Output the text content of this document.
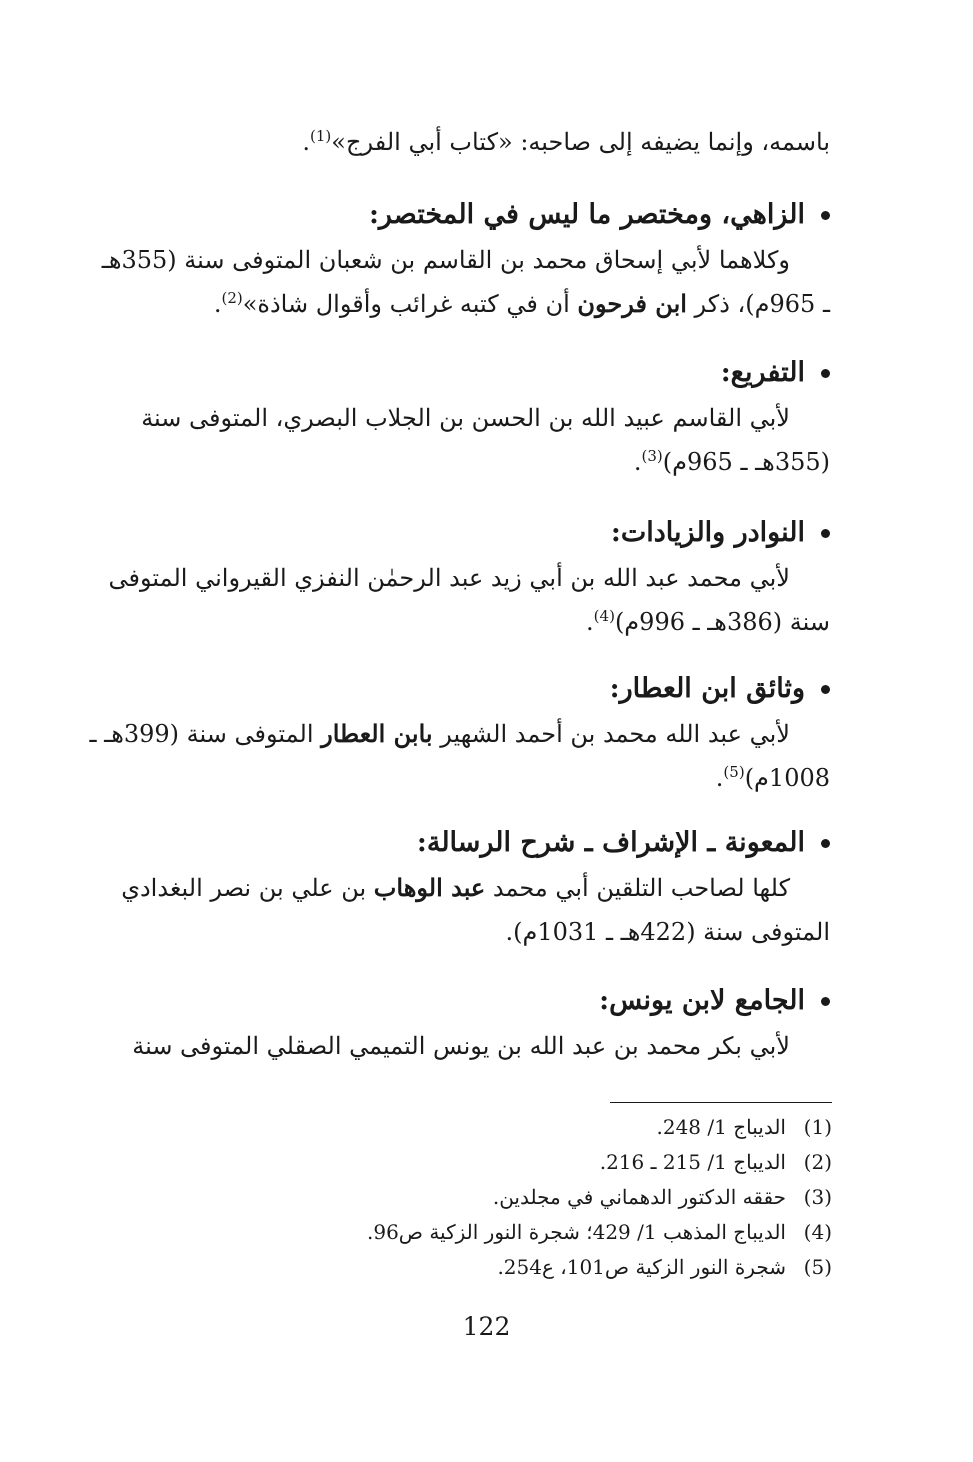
باسمه، وإنما يضيفه إلى صاحبه: «كتاب أبي الفرج»$^{(1)}$.
الزاهي، ومختصر ما ليس في المختصر:
وكلاهما لأبي إسحاق محمد بن القاسم بن شعبان المتوفى سنة (355هـ
ـ 965م)، ذكر ابن فرحون أن في كتبه غرائب وأقوال شاذة»$^{(2)}$.
التفريع:
لأبي القاسم عبيد الله بن الحسن بن الجلاب البصري، المتوفى سنة
(355هـ ـ 965م)$^{(3)}$.
النوادر والزيادات:
لأبي محمد عبد الله بن أبي زيد عبد الرحمٰن النفزي القيرواني المتوفى
سنة (386هـ ـ 996م)$^{(4)}$.
وثائق ابن العطار:
لأبي عبد الله محمد بن أحمد الشهير بابن العطار المتوفى سنة (399هـ ـ
1008م)$^{(5)}$.
المعونة ـ الإشراف ـ شرح الرسالة:
كلها لصاحب التلقين أبي محمد عبد الوهاب بن علي بن نصر البغدادي
المتوفى سنة (422هـ ـ 1031م).
الجامع لابن يونس:
لأبي بكر محمد بن عبد الله بن يونس التميمي الصقلي المتوفى سنة
(1)الديباج 1/ 248.
(2)الديباج 1/ 215 ـ 216.
(3)حققه الدكتور الدهماني في مجلدين.
(4)الديباج المذهب 1/ 429؛ شجرة النور الزكية ص96.
(5)شجرة النور الزكية ص101، ع254.
122
